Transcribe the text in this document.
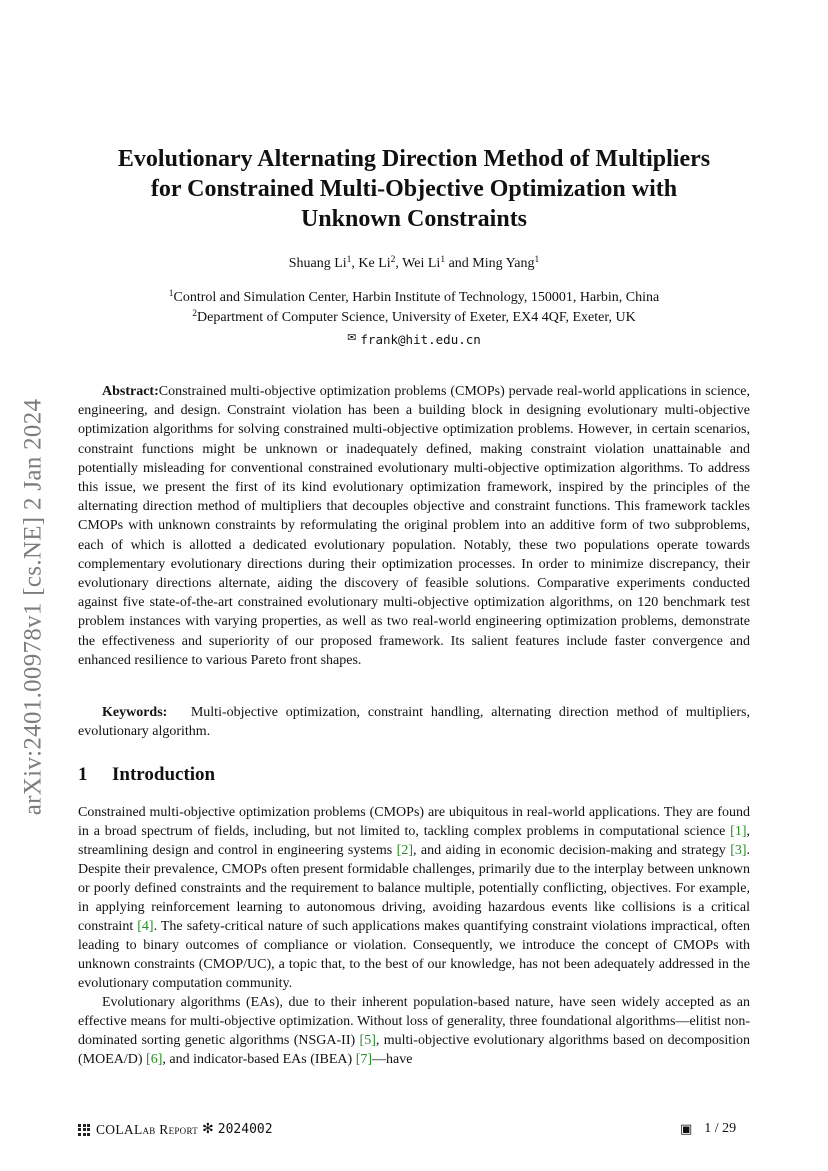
arXiv:2401.00978v1 [cs.NE] 2 Jan 2024
Evolutionary Alternating Direction Method of Multipliers for Constrained Multi-Objective Optimization with Unknown Constraints
Shuang Li$^1$, Ke Li$^2$, Wei Li$^1$ and Ming Yang$^1$
$^1$Control and Simulation Center, Harbin Institute of Technology, 150001, Harbin, China
$^2$Department of Computer Science, University of Exeter, EX4 4QF, Exeter, UK
✉ frank@hit.edu.cn

Abstract:Constrained multi-objective optimization problems (CMOPs) pervade real-world applications in science, engineering, and design. Constraint violation has been a building block in designing evolutionary multi-objective optimization algorithms for solving constrained multi-objective optimization problems. However, in certain scenarios, constraint functions might be unknown or inadequately defined, making constraint violation unattainable and potentially misleading for conventional constrained evolutionary multi-objective optimization algorithms. To address this issue, we present the first of its kind evolutionary optimization framework, inspired by the principles of the alternating direction method of multipliers that decouples objective and constraint functions. This framework tackles CMOPs with unknown constraints by reformulating the original problem into an additive form of two subproblems, each of which is allotted a dedicated evolutionary population. Notably, these two populations operate towards complementary evolutionary directions during their optimization processes. In order to minimize discrepancy, their evolutionary directions alternate, aiding the discovery of feasible solutions. Comparative experiments conducted against five state-of-the-art constrained evolutionary multi-objective optimization algorithms, on 120 benchmark test problem instances with varying properties, as well as two real-world engineering optimization problems, demonstrate the effectiveness and superiority of our proposed framework. Its salient features include faster convergence and enhanced resilience to various Pareto front shapes.

Keywords: Multi-objective optimization, constraint handling, alternating direction method of multipliers, evolutionary algorithm.

1 Introduction

Constrained multi-objective optimization problems (CMOPs) are ubiquitous in real-world applications. They are found in a broad spectrum of fields, including, but not limited to, tackling complex problems in computational science [1], streamlining design and control in engineering systems [2], and aiding in economic decision-making and strategy [3]. Despite their prevalence, CMOPs often present formidable challenges, primarily due to the interplay between unknown or poorly defined constraints and the requirement to balance multiple, potentially conflicting, objectives. For example, in applying reinforcement learning to autonomous driving, avoiding hazardous events like collisions is a critical constraint [4]. The safety-critical nature of such applications makes quantifying constraint violations impractical, often leading to binary outcomes of compliance or violation. Consequently, we introduce the concept of CMOPs with unknown constraints (CMOP/UC), a topic that, to the best of our knowledge, has not been adequately addressed in the evolutionary computation community.

Evolutionary algorithms (EAs), due to their inherent population-based nature, have seen widely accepted as an effective means for multi-objective optimization. Without loss of generality, three foundational algorithms—elitist non-dominated sorting genetic algorithms (NSGA-II) [5], multi-objective evolutionary algorithms based on decomposition (MOEA/D) [6], and indicator-based EAs (IBEA) [7]—have

COLALab Report ✻ 2024002	▣ 1 / 29
